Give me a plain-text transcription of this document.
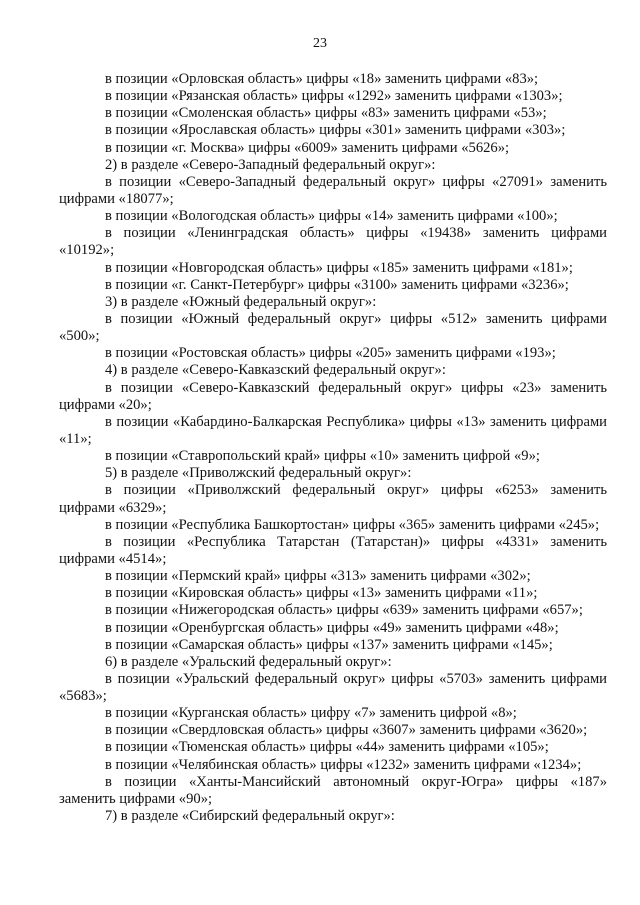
23
в позиции «Орловская область» цифры «18» заменить цифрами «83»;
в позиции «Рязанская область» цифры «1292» заменить цифрами «1303»;
в позиции «Смоленская область» цифры «83» заменить цифрами «53»;
в позиции «Ярославская область» цифры «301» заменить цифрами «303»;
в позиции «г. Москва» цифры «6009» заменить цифрами «5626»;
2) в разделе «Северо-Западный федеральный округ»:
в позиции «Северо-Западный федеральный округ» цифры «27091» заменить
цифрами «18077»;
в позиции «Вологодская область» цифры «14» заменить цифрами «100»;
в позиции «Ленинградская область» цифры «19438» заменить цифрами
«10192»;
в позиции «Новгородская область» цифры «185» заменить цифрами «181»;
в позиции «г. Санкт-Петербург» цифры «3100» заменить цифрами «3236»;
3) в разделе «Южный федеральный округ»:
в позиции «Южный федеральный округ» цифры «512» заменить цифрами
«500»;
в позиции «Ростовская область» цифры «205» заменить цифрами «193»;
4) в разделе «Северо-Кавказский федеральный округ»:
в позиции «Северо-Кавказский федеральный округ» цифры «23» заменить
цифрами «20»;
в позиции «Кабардино-Балкарская Республика» цифры «13» заменить цифрами
«11»;
в позиции «Ставропольский край» цифры «10» заменить цифрой «9»;
5) в разделе «Приволжский федеральный округ»:
в позиции «Приволжский федеральный округ» цифры «6253» заменить
цифрами «6329»;
в позиции «Республика Башкортостан» цифры «365» заменить цифрами «245»;
в позиции «Республика Татарстан (Татарстан)» цифры «4331» заменить
цифрами «4514»;
в позиции «Пермский край» цифры «313» заменить цифрами «302»;
в позиции «Кировская область» цифры «13» заменить цифрами «11»;
в позиции «Нижегородская область» цифры «639» заменить цифрами «657»;
в позиции «Оренбургская область» цифры «49» заменить цифрами «48»;
в позиции «Самарская область» цифры «137» заменить цифрами «145»;
6) в разделе «Уральский федеральный округ»:
в позиции «Уральский федеральный округ» цифры «5703» заменить цифрами
«5683»;
в позиции «Курганская область» цифру «7» заменить цифрой «8»;
в позиции «Свердловская область» цифры «3607» заменить цифрами «3620»;
в позиции «Тюменская область» цифры «44» заменить цифрами «105»;
в позиции «Челябинская область» цифры «1232» заменить цифрами «1234»;
в позиции «Ханты-Мансийский автономный округ-Югра» цифры «187»
заменить цифрами «90»;
7) в разделе «Сибирский федеральный округ»:
